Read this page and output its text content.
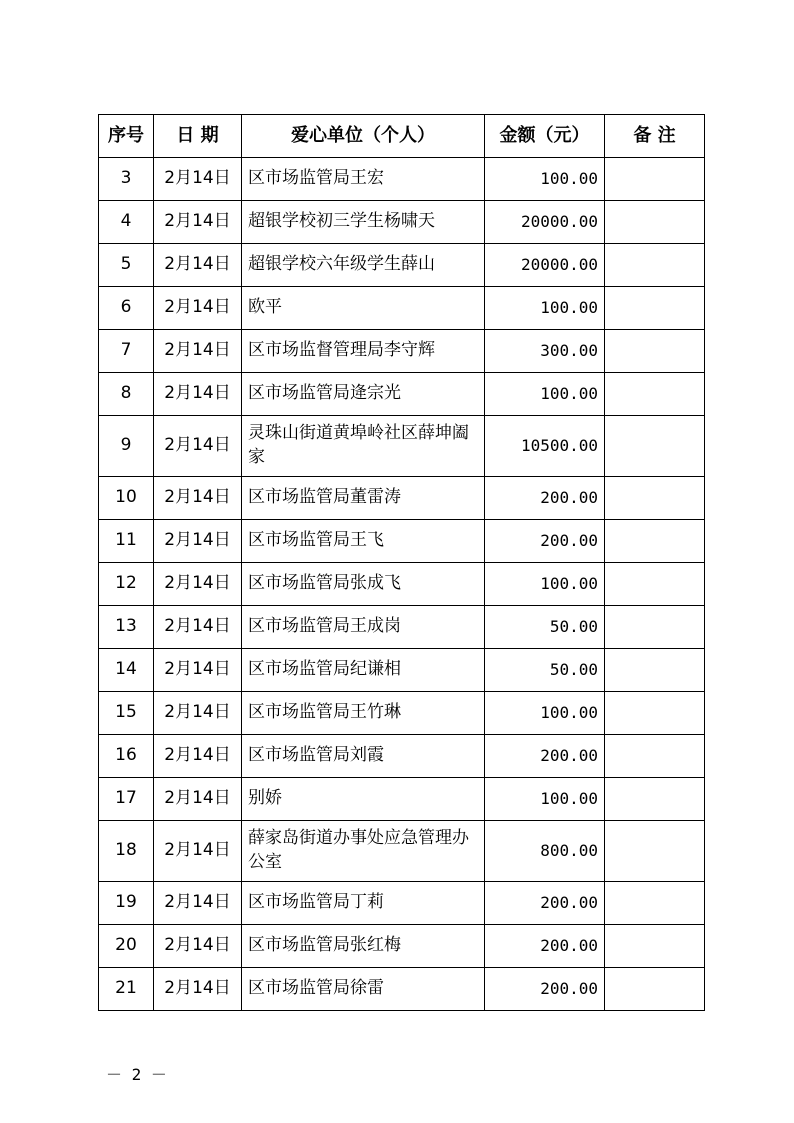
序号	日 期	爱心单位（个人）	金额（元）	备 注
3	2月14日	区市场监管局王宏	100.00	
4	2月14日	超银学校初三学生杨啸天	20000.00	
5	2月14日	超银学校六年级学生薛山	20000.00	
6	2月14日	欧平	100.00	
7	2月14日	区市场监督管理局李守辉	300.00	
8	2月14日	区市场监管局逄宗光	100.00	
9	2月14日	灵珠山街道黄埠岭社区薛坤阖家	10500.00	
10	2月14日	区市场监管局董雷涛	200.00	
11	2月14日	区市场监管局王飞	200.00	
12	2月14日	区市场监管局张成飞	100.00	
13	2月14日	区市场监管局王成岗	50.00	
14	2月14日	区市场监管局纪谦相	50.00	
15	2月14日	区市场监管局王竹琳	100.00	
16	2月14日	区市场监管局刘霞	200.00	
17	2月14日	别娇	100.00	
18	2月14日	薛家岛街道办事处应急管理办公室	800.00	
19	2月14日	区市场监管局丁莉	200.00	
20	2月14日	区市场监管局张红梅	200.00	
21	2月14日	区市场监管局徐雷	200.00	
－ 2 －
